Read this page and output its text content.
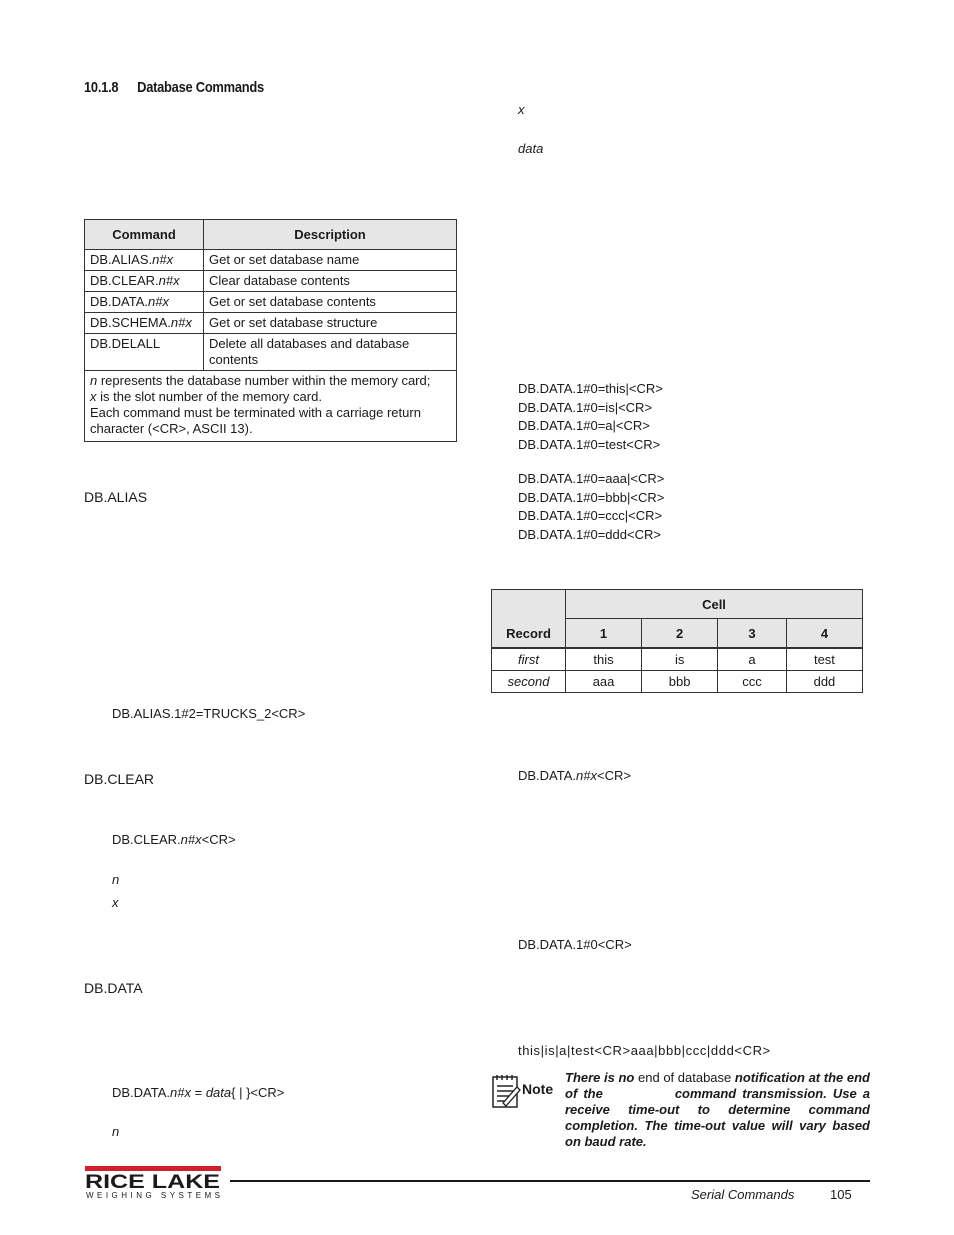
10.1.8 Database Commands
Command	Description
DB.ALIAS.n#x	Get or set database name
DB.CLEAR.n#x	Clear database contents
DB.DATA.n#x	Get or set database contents
DB.SCHEMA.n#x	Get or set database structure
DB.DELALL	Delete all databases and database contents
n represents the database number within the memory card;
x is the slot number of the memory card.
Each command must be terminated with a carriage return character (<CR>, ASCII 13).	
DB.ALIAS
DB.ALIAS.1#2=TRUCKS_2<CR>
DB.CLEAR
DB.CLEAR.n#x<CR>
n
x
DB.DATA
DB.DATA.n#x = data{ | }<CR>
n
x
data
DB.DATA.1#0=this|<CR>
DB.DATA.1#0=is|<CR>
DB.DATA.1#0=a|<CR>
DB.DATA.1#0=test<CR>
DB.DATA.1#0=aaa|<CR>
DB.DATA.1#0=bbb|<CR>
DB.DATA.1#0=ccc|<CR>
DB.DATA.1#0=ddd<CR>
Record	Cell			
	1	2	3	4
first	this	is	a	test
second	aaa	bbb	ccc	ddd
DB.DATA.n#x<CR>
DB.DATA.1#0<CR>
this|is|a|test<CR>aaa|bbb|ccc|ddd<CR>
Note
There is no end of database notification at the end of the	command transmission. Use a receive time-out to determine command completion. The time-out value will vary based on baud rate.
RICE LAKE
WEIGHING SYSTEMS	Serial Commands	105
